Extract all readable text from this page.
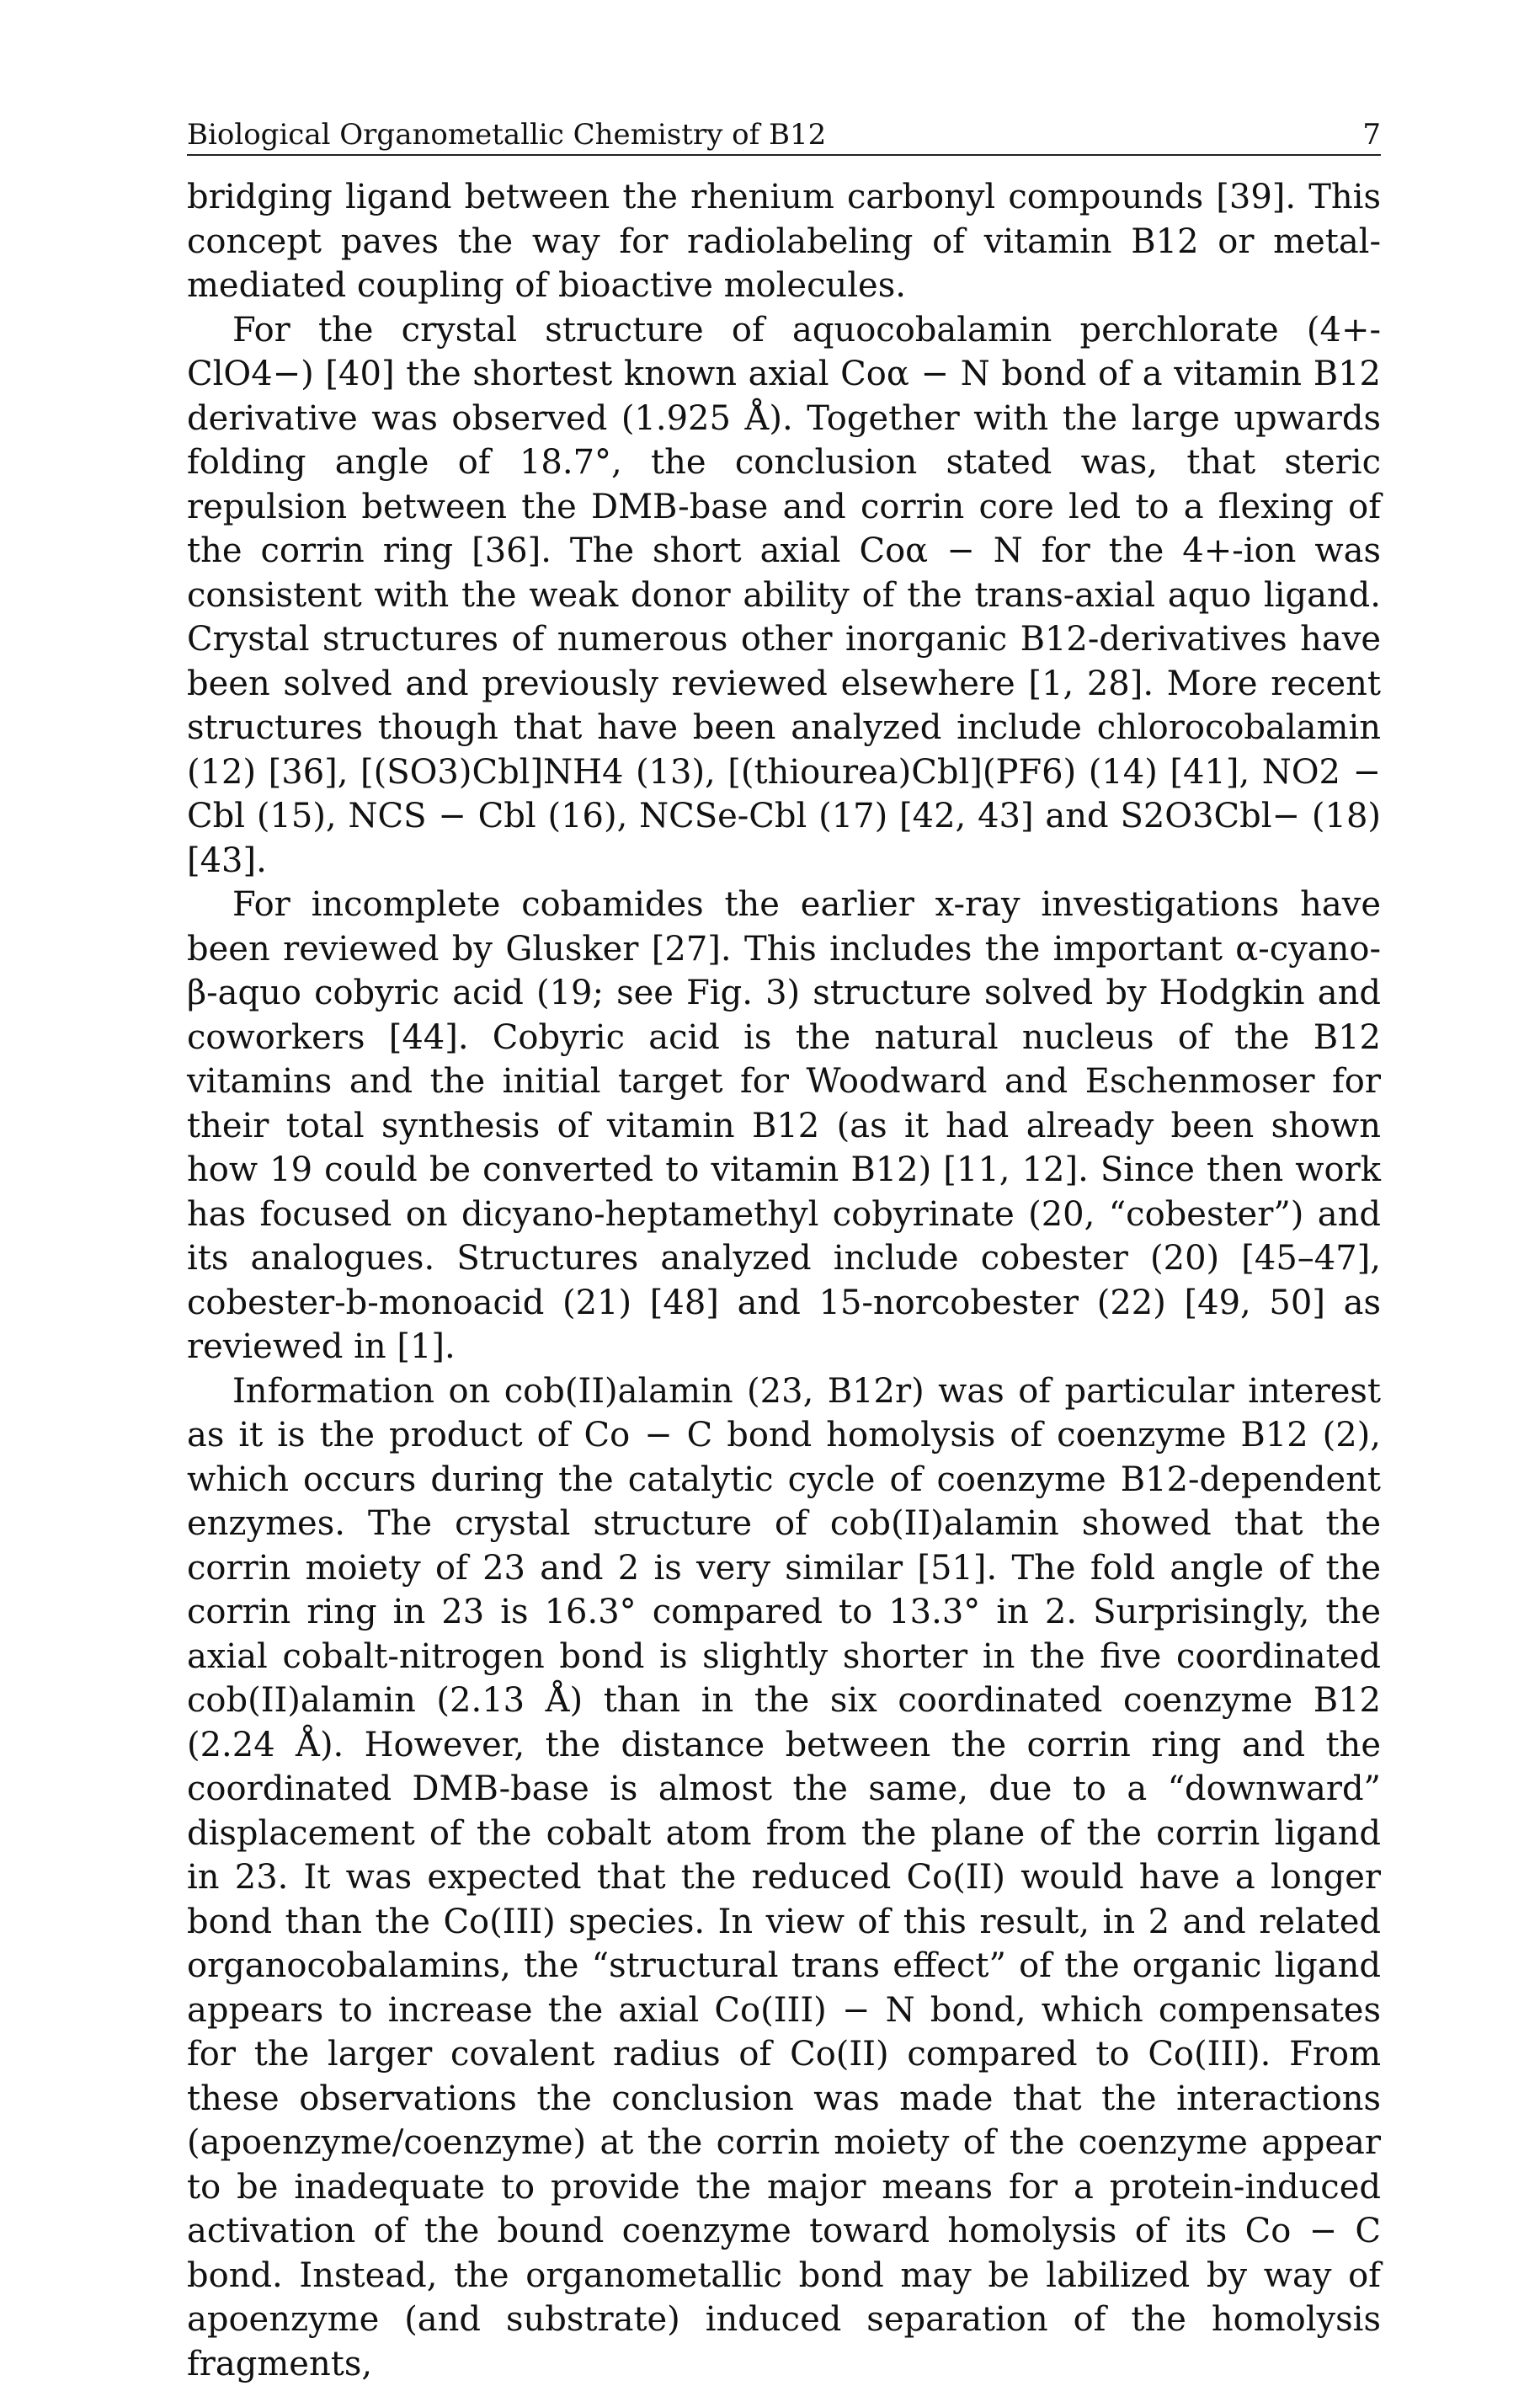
Biological Organometallic Chemistry of B12	7

bridging ligand between the rhenium carbonyl compounds [39]. This concept paves the way for radiolabeling of vitamin B12 or metal-mediated coupling of bioactive molecules.

For the crystal structure of aquocobalamin perchlorate (4+-ClO4−) [40] the shortest known axial Coα − N bond of a vitamin B12 derivative was observed (1.925 Å). Together with the large upwards folding angle of 18.7°, the conclusion stated was, that steric repulsion between the DMB-base and corrin core led to a flexing of the corrin ring [36]. The short axial Coα − N for the 4+-ion was consistent with the weak donor ability of the trans-axial aquo ligand. Crystal structures of numerous other inorganic B12-derivatives have been solved and previously reviewed elsewhere [1, 28]. More recent structures though that have been analyzed include chlorocobalamin (12) [36], [(SO3)Cbl]NH4 (13), [(thiourea)Cbl](PF6) (14) [41], NO2 − Cbl (15), NCS − Cbl (16), NCSe-Cbl (17) [42, 43] and S2O3Cbl− (18) [43].

For incomplete cobamides the earlier x-ray investigations have been reviewed by Glusker [27]. This includes the important α-cyano-β-aquo cobyric acid (19; see Fig. 3) structure solved by Hodgkin and coworkers [44]. Cobyric acid is the natural nucleus of the B12 vitamins and the initial target for Woodward and Eschenmoser for their total synthesis of vitamin B12 (as it had already been shown how 19 could be converted to vitamin B12) [11, 12]. Since then work has focused on dicyano-heptamethyl cobyrinate (20, “cobester”) and its analogues. Structures analyzed include cobester (20) [45–47], cobester-b-monoacid (21) [48] and 15-norcobester (22) [49, 50] as reviewed in [1].

Information on cob(II)alamin (23, B12r) was of particular interest as it is the product of Co − C bond homolysis of coenzyme B12 (2), which occurs during the catalytic cycle of coenzyme B12-dependent enzymes. The crystal structure of cob(II)alamin showed that the corrin moiety of 23 and 2 is very similar [51]. The fold angle of the corrin ring in 23 is 16.3° compared to 13.3° in 2. Surprisingly, the axial cobalt-nitrogen bond is slightly shorter in the five coordinated cob(II)alamin (2.13 Å) than in the six coordinated coenzyme B12 (2.24 Å). However, the distance between the corrin ring and the coordinated DMB-base is almost the same, due to a “downward” displacement of the cobalt atom from the plane of the corrin ligand in 23. It was expected that the reduced Co(II) would have a longer bond than the Co(III) species. In view of this result, in 2 and related organocobalamins, the “structural trans effect” of the organic ligand appears to increase the axial Co(III) − N bond, which compensates for the larger covalent radius of Co(II) compared to Co(III). From these observations the conclusion was made that the interactions (apoenzyme/coenzyme) at the corrin moiety of the coenzyme appear to be inadequate to provide the major means for a protein-induced activation of the bound coenzyme toward homolysis of its Co − C bond. Instead, the organometallic bond may be labilized by way of apoenzyme (and substrate) induced separation of the homolysis fragments,
